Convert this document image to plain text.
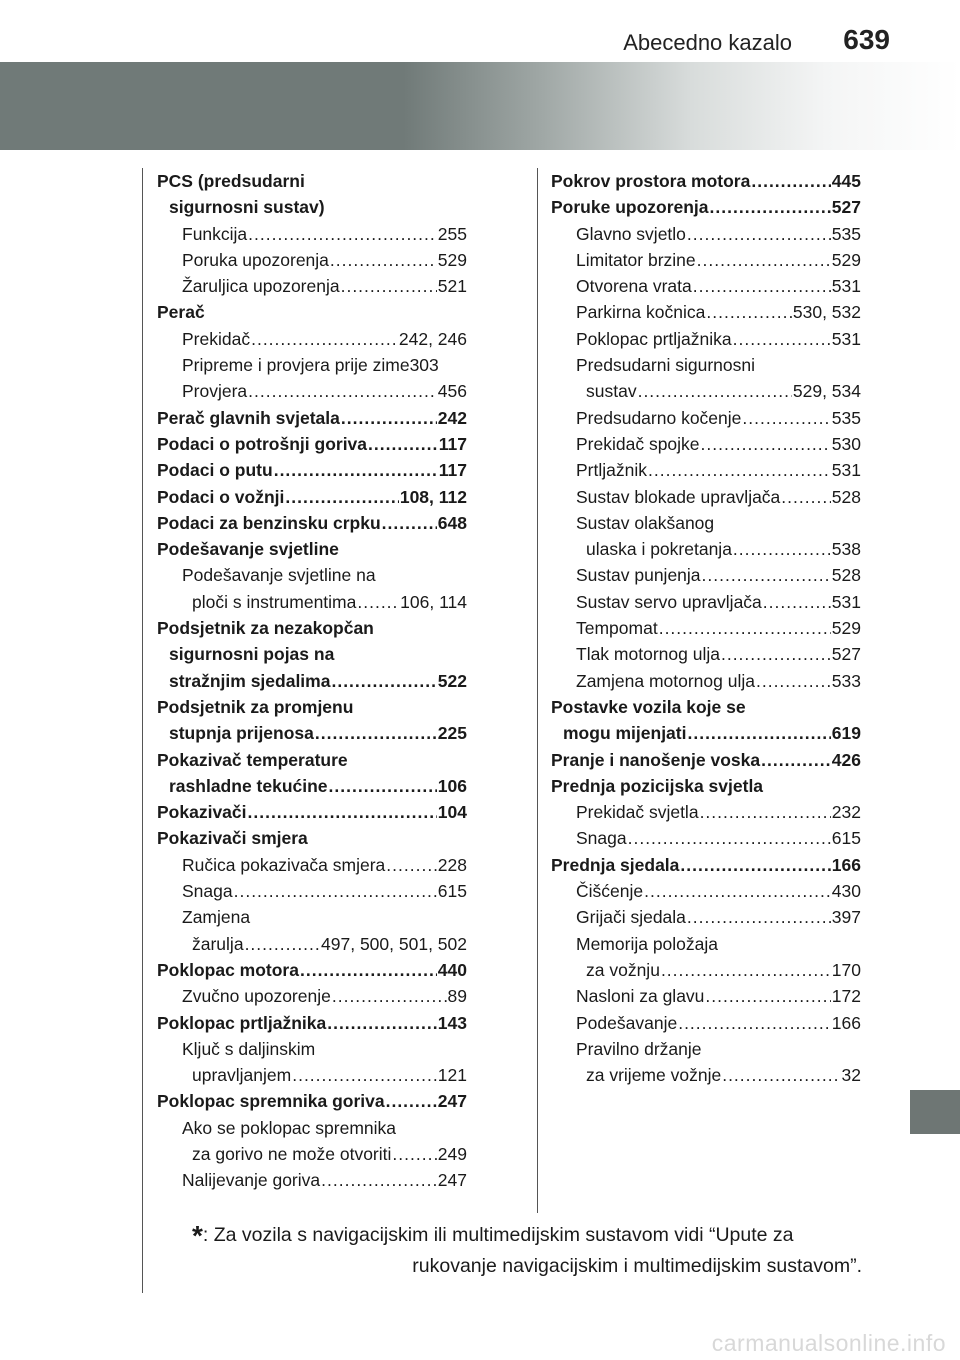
Abecedno kazalo 639
PCS (predsudarni
sigurnosni sustav)
Funkcija .....	255
Poruka upozorenja .....	529
Žaruljica upozorenja .....	521
Perač
Prekidač .....	242, 246
Pripreme i provjera prije zime303
Provjera .....	456
Perač glavnih svjetala .....	242
Podaci o potrošnji goriva .....	117
Podaci o putu .....	117
Podaci o vožnji .....	108, 112
Podaci za benzinsku crpku .....	648
Podešavanje svjetline
Podešavanje svjetline na
ploči s instrumentima .....	106, 114
Podsjetnik za nezakopčan
sigurnosni pojas na
stražnjim sjedalima .....	522
Podsjetnik za promjenu
stupnja prijenosa .....	225
Pokazivač temperature
rashladne tekućine .....	106
Pokazivači .....	104
Pokazivači smjera
Ručica pokazivača smjera .....	228
Snaga .....	615
Zamjena
žarulja .....	497, 500, 501, 502
Poklopac motora .....	440
Zvučno upozorenje .....	89
Poklopac prtljažnika .....	143
Ključ s daljinskim
upravljanjem .....	121
Poklopac spremnika goriva .....	247
Ako se poklopac spremnika
za gorivo ne može otvoriti .....	249
Nalijevanje goriva .....	247
Pokrov prostora motora .....	445
Poruke upozorenja .....	527
Glavno svjetlo .....	535
Limitator brzine .....	529
Otvorena vrata .....	531
Parkirna kočnica .....	530, 532
Poklopac prtljažnika .....	531
Predsudarni sigurnosni
sustav .....	529, 534
Predsudarno kočenje .....	535
Prekidač spojke .....	530
Prtljažnik .....	531
Sustav blokade upravljača .....	528
Sustav olakšanog
ulaska i pokretanja .....	538
Sustav punjenja .....	528
Sustav servo upravljača .....	531
Tempomat .....	529
Tlak motornog ulja .....	527
Zamjena motornog ulja .....	533
Postavke vozila koje se
mogu mijenjati .....	619
Pranje i nanošenje voska .....	426
Prednja pozicijska svjetla
Prekidač svjetla .....	232
Snaga .....	615
Prednja sjedala .....	166
Čišćenje .....	430
Grijači sjedala .....	397
Memorija položaja
za vožnju .....	170
Nasloni za glavu .....	172
Podešavanje .....	166
Pravilno držanje
za vrijeme vožnje .....	32
*: Za vozila s navigacijskim ili multimedijskim sustavom vidi “Upute za
rukovanje navigacijskim i multimedijskim sustavom”.
carmanualsonline.info
